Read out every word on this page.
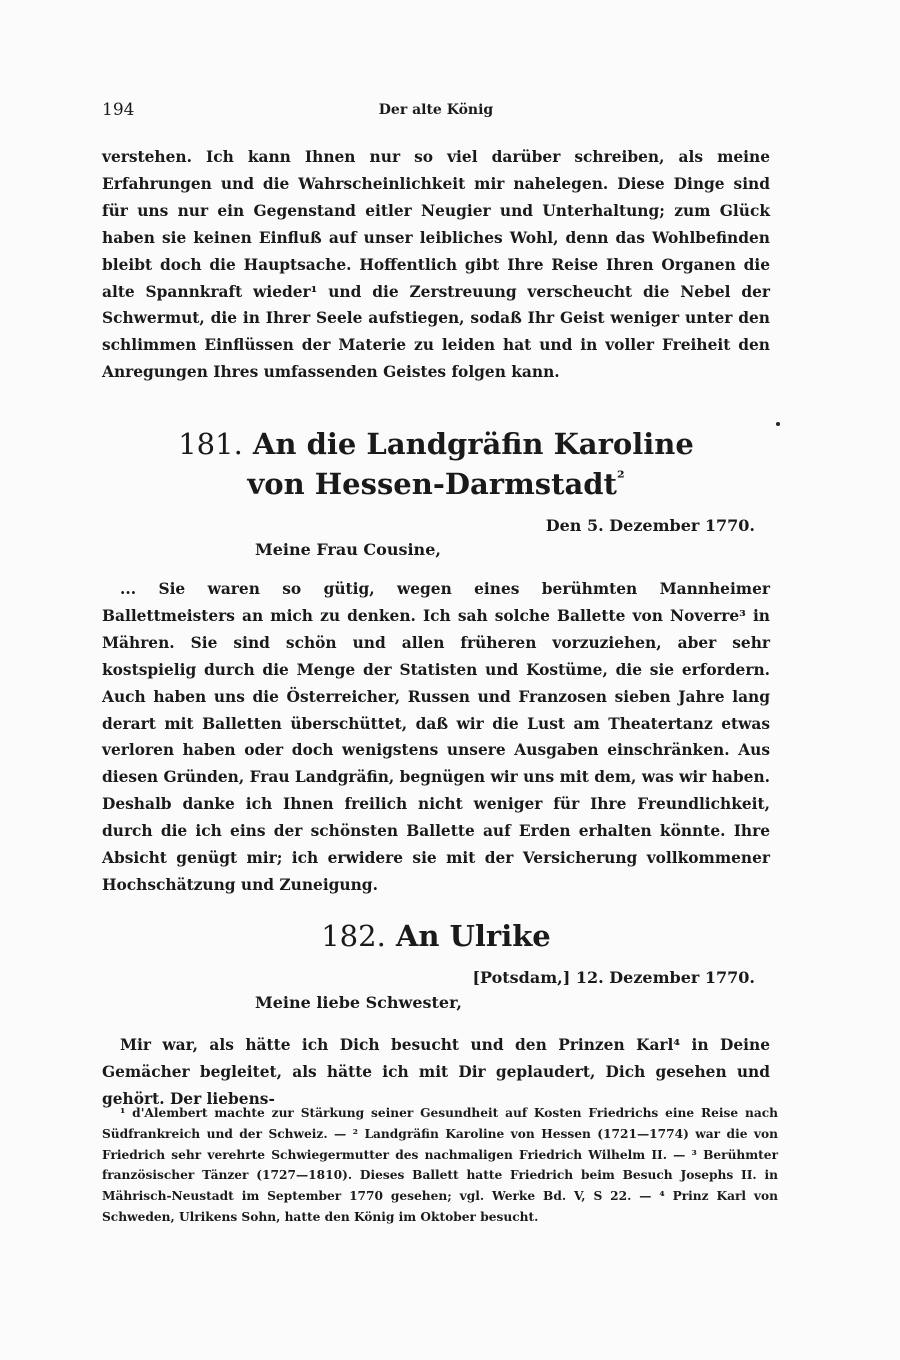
194	Der alte König

verstehen. Ich kann Ihnen nur so viel darüber schreiben, als meine Erfahrungen und die Wahrscheinlichkeit mir nahelegen. Diese Dinge sind für uns nur ein Gegenstand eitler Neugier und Unterhaltung; zum Glück haben sie keinen Einfluß auf unser leibliches Wohl, denn das Wohlbefinden bleibt doch die Hauptsache. Hoffentlich gibt Ihre Reise Ihren Organen die alte Spannkraft wieder¹ und die Zerstreuung verscheucht die Nebel der Schwermut, die in Ihrer Seele aufstiegen, sodaß Ihr Geist weniger unter den schlimmen Einflüssen der Materie zu leiden hat und in voller Freiheit den Anregungen Ihres umfassenden Geistes folgen kann.

181. An die Landgräfin Karoline
von Hessen-Darmstadt$^{^2}$
Den 5. Dezember 1770.
Meine Frau Cousine,

... Sie waren so gütig, wegen eines berühmten Mannheimer Ballettmeisters an mich zu denken. Ich sah solche Ballette von Noverre³ in Mähren. Sie sind schön und allen früheren vorzuziehen, aber sehr kostspielig durch die Menge der Statisten und Kostüme, die sie erfordern. Auch haben uns die Österreicher, Russen und Franzosen sieben Jahre lang derart mit Balletten überschüttet, daß wir die Lust am Theatertanz etwas verloren haben oder doch wenigstens unsere Ausgaben einschränken. Aus diesen Gründen, Frau Landgräfin, begnügen wir uns mit dem, was wir haben. Deshalb danke ich Ihnen freilich nicht weniger für Ihre Freundlichkeit, durch die ich eins der schönsten Ballette auf Erden erhalten könnte. Ihre Absicht genügt mir; ich erwidere sie mit der Versicherung vollkommener Hochschätzung und Zuneigung.

182. An Ulrike
[Potsdam,] 12. Dezember 1770.
Meine liebe Schwester,

Mir war, als hätte ich Dich besucht und den Prinzen Karl⁴ in Deine Gemächer begleitet, als hätte ich mit Dir geplaudert, Dich gesehen und gehört. Der liebens-

¹ d'Alembert machte zur Stärkung seiner Gesundheit auf Kosten Friedrichs eine Reise nach Südfrankreich und der Schweiz. — ² Landgräfin Karoline von Hessen (1721—1774) war die von Friedrich sehr verehrte Schwiegermutter des nachmaligen Friedrich Wilhelm II. — ³ Berühmter französischer Tänzer (1727—1810). Dieses Ballett hatte Friedrich beim Besuch Josephs II. in Mährisch-Neustadt im September 1770 gesehen; vgl. Werke Bd. V, S 22. — ⁴ Prinz Karl von Schweden, Ulrikens Sohn, hatte den König im Oktober besucht.
